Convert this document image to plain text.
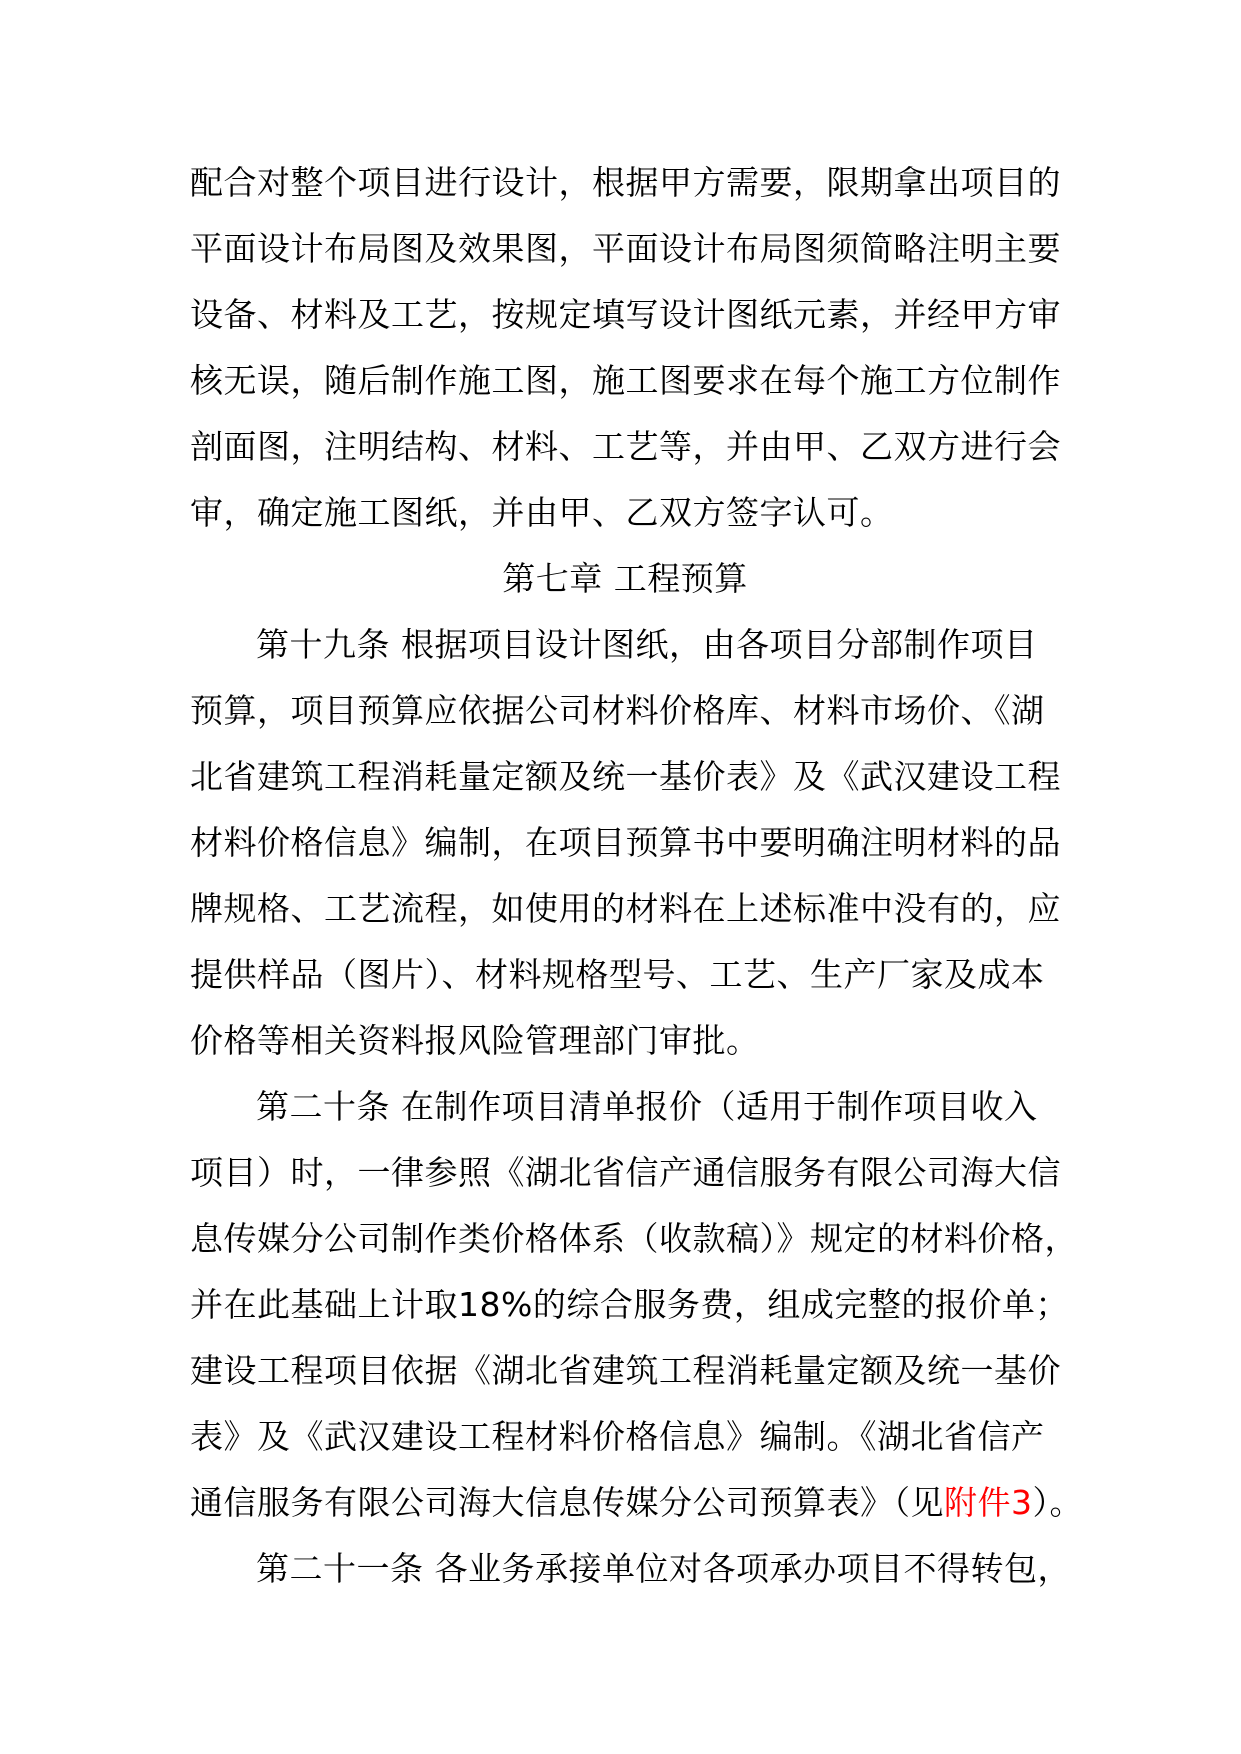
配合对整个项目进行设计，根据甲方需要，限期拿出项目的
平面设计布局图及效果图，平面设计布局图须简略注明主要
设备、材料及工艺，按规定填写设计图纸元素，并经甲方审
核无误，随后制作施工图，施工图要求在每个施工方位制作
剖面图，注明结构、材料、工艺等，并由甲、乙双方进行会
审，确定施工图纸，并由甲、乙双方签字认可。
第七章 工程预算
第十九条 根据项目设计图纸，由各项目分部制作项目
预算，项目预算应依据公司材料价格库、材料市场价、《湖
北省建筑工程消耗量定额及统一基价表》及《武汉建设工程
材料价格信息》编制，在项目预算书中要明确注明材料的品
牌规格、工艺流程，如使用的材料在上述标准中没有的，应
提供样品（图片）、材料规格型号、工艺、生产厂家及成本
价格等相关资料报风险管理部门审批。
第二十条 在制作项目清单报价（适用于制作项目收入
项目）时，一律参照《湖北省信产通信服务有限公司海大信
息传媒分公司制作类价格体系（收款稿）》规定的材料价格，
并在此基础上计取18%的综合服务费，组成完整的报价单；
建设工程项目依据《湖北省建筑工程消耗量定额及统一基价
表》及《武汉建设工程材料价格信息》编制。《湖北省信产
通信服务有限公司海大信息传媒分公司预算表》（见附件3）。
第二十一条 各业务承接单位对各项承办项目不得转包，
